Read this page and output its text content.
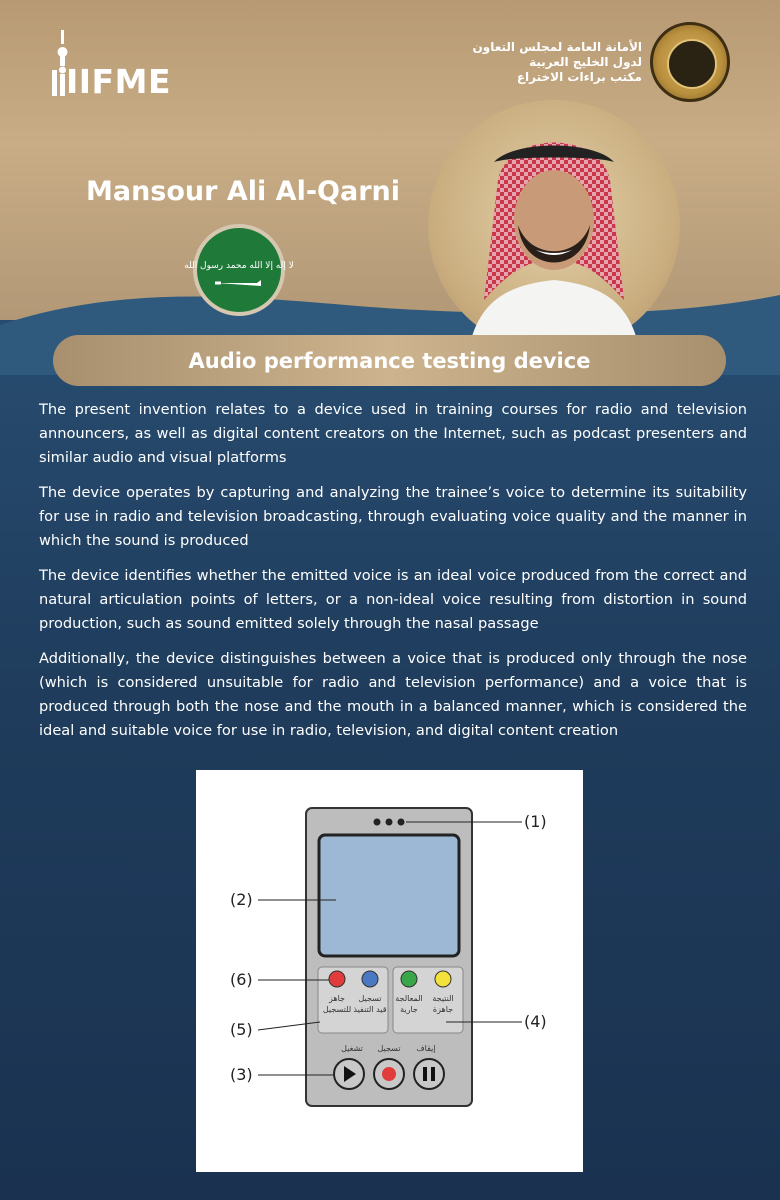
IIFME
الأمانة العامة لمجلس التعاون
لدول الخليج العربية
مكتب براءات الاختراع
Mansour Ali Al-Qarni
لا إله إلا الله محمد رسول الله
Audio performance testing device

The present invention relates to a device used in training courses for radio and television announcers, as well as digital content creators on the Internet, such as podcast presenters and similar audio and visual platforms

The device operates by capturing and analyzing the trainee’s voice to determine its suitability for use in radio and television broadcasting, through evaluating voice quality and the manner in which the sound is produced

The device identifies whether the emitted voice is an ideal voice produced from the correct and natural articulation points of letters, or a non-ideal voice resulting from distortion in sound production, such as sound emitted solely through the nasal passage

Additionally, the device distinguishes between a voice that is produced only through the nose (which is considered unsuitable for radio and television performance) and a voice that is produced through both the nose and the mouth in a balanced manner, which is considered the ideal and suitable voice for use in radio, television, and digital content creation

جاهز
للتسجيل
تسجيل
قيد التنفيذ
المعالجة
جارية
النتيجة
جاهزة
تشغيل تسجيل إيقاف
(1)
(2)
(3)
(4)
(5)
(6)
